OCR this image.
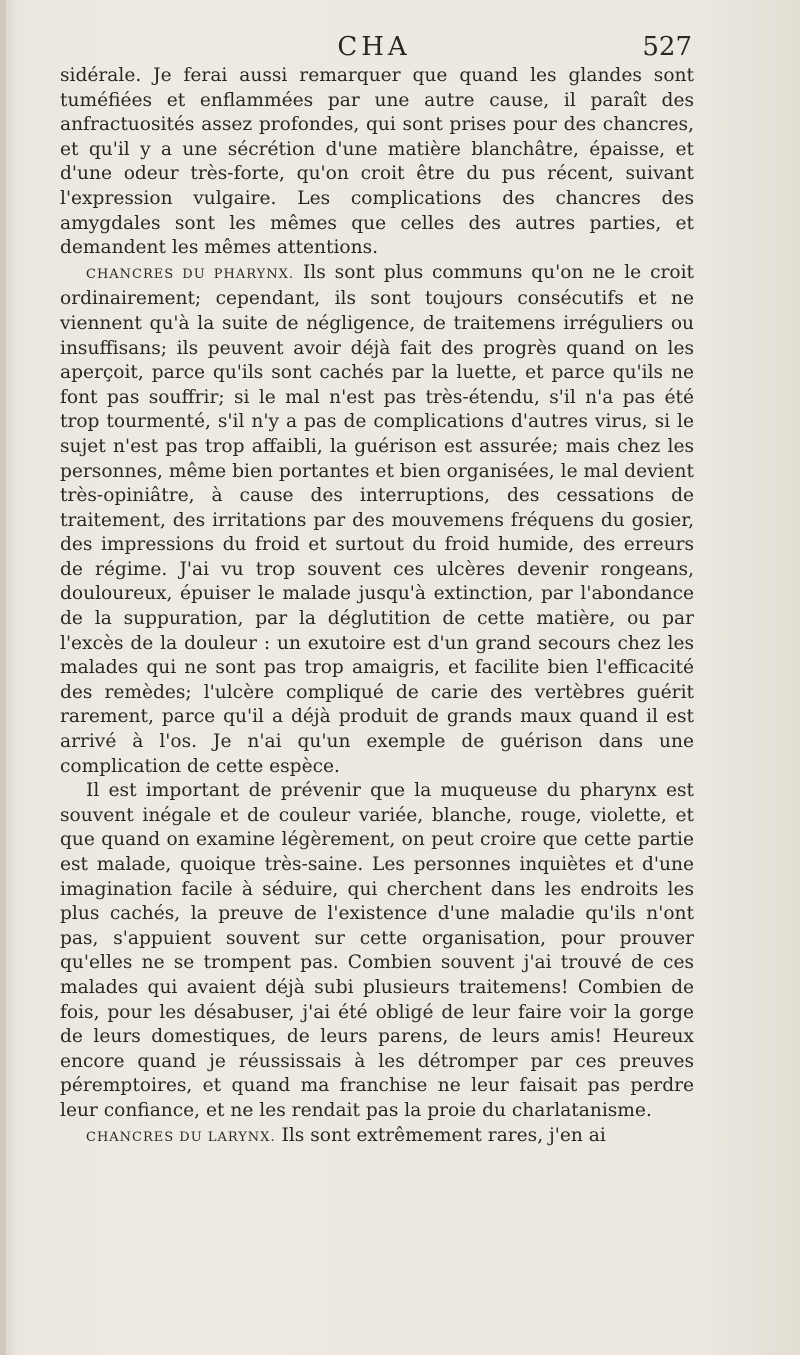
CHA	527

sidérale. Je ferai aussi remarquer que quand les glandes sont tuméfiées et enflammées par une autre cause, il paraît des anfractuosités assez profondes, qui sont prises pour des chancres, et qu'il y a une sécrétion d'une matière blanchâtre, épaisse, et d'une odeur très-forte, qu'on croit être du pus récent, suivant l'expression vulgaire. Les complications des chancres des amygdales sont les mêmes que celles des autres parties, et demandent les mêmes attentions.

CHANCRES DU PHARYNX. Ils sont plus communs qu'on ne le croit ordinairement; cependant, ils sont toujours consécutifs et ne viennent qu'à la suite de négligence, de traitemens irréguliers ou insuffisans; ils peuvent avoir déjà fait des progrès quand on les aperçoit, parce qu'ils sont cachés par la luette, et parce qu'ils ne font pas souffrir; si le mal n'est pas très-étendu, s'il n'a pas été trop tourmenté, s'il n'y a pas de complications d'autres virus, si le sujet n'est pas trop affaibli, la guérison est assurée; mais chez les personnes, même bien portantes et bien organisées, le mal devient très-opiniâtre, à cause des interruptions, des cessations de traitement, des irritations par des mouvemens fréquens du gosier, des impressions du froid et surtout du froid humide, des erreurs de régime. J'ai vu trop souvent ces ulcères devenir rongeans, douloureux, épuiser le malade jusqu'à extinction, par l'abondance de la suppuration, par la déglutition de cette matière, ou par l'excès de la douleur : un exutoire est d'un grand secours chez les malades qui ne sont pas trop amaigris, et facilite bien l'efficacité des remèdes; l'ulcère compliqué de carie des vertèbres guérit rarement, parce qu'il a déjà produit de grands maux quand il est arrivé à l'os. Je n'ai qu'un exemple de guérison dans une complication de cette espèce.

Il est important de prévenir que la muqueuse du pharynx est souvent inégale et de couleur variée, blanche, rouge, violette, et que quand on examine légèrement, on peut croire que cette partie est malade, quoique très-saine. Les personnes inquiètes et d'une imagination facile à séduire, qui cherchent dans les endroits les plus cachés, la preuve de l'existence d'une maladie qu'ils n'ont pas, s'appuient souvent sur cette organisation, pour prouver qu'elles ne se trompent pas. Combien souvent j'ai trouvé de ces malades qui avaient déjà subi plusieurs traitemens! Combien de fois, pour les désabuser, j'ai été obligé de leur faire voir la gorge de leurs domestiques, de leurs parens, de leurs amis! Heureux encore quand je réussissais à les détromper par ces preuves péremptoires, et quand ma franchise ne leur faisait pas perdre leur confiance, et ne les rendait pas la proie du charlatanisme.

CHANCRES DU LARYNX. Ils sont extrêmement rares, j'en ai
